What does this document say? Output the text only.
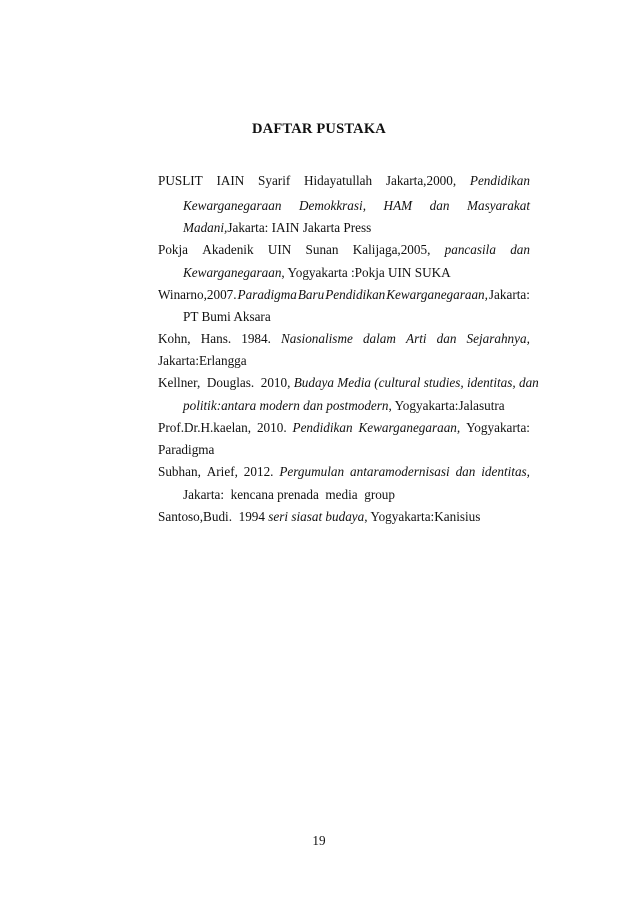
DAFTAR PUSTAKA
PUSLIT IAIN Syarif Hidayatullah Jakarta,2000, Pendidikan
Kewarganegaraan Demokkrasi, HAM dan Masyarakat
Madani,Jakarta: IAIN Jakarta Press
Pokja Akadenik UIN Sunan Kalijaga,2005, pancasila dan
Kewarganegaraan, Yogyakarta :Pokja UIN SUKA
Winarno,2007. Paradigma Baru Pendidikan Kewarganegaraan, Jakarta:
PT Bumi Aksara
Kohn, Hans. 1984. Nasionalisme dalam Arti dan Sejarahnya,
Jakarta:Erlangga
Kellner,  Douglas.  2010, Budaya Media (cultural studies, identitas, dan
politik:antara modern dan postmodern, Yogyakarta:Jalasutra
Prof.Dr.H.kaelan, 2010. Pendidikan Kewarganegaraan, Yogyakarta:
Paradigma
Subhan, Arief, 2012. Pergumulan antaramodernisasi dan identitas,
Jakarta:  kencana prenada  media  group
Santoso,Budi.  1994 seri siasat budaya, Yogyakarta:Kanisius
19
